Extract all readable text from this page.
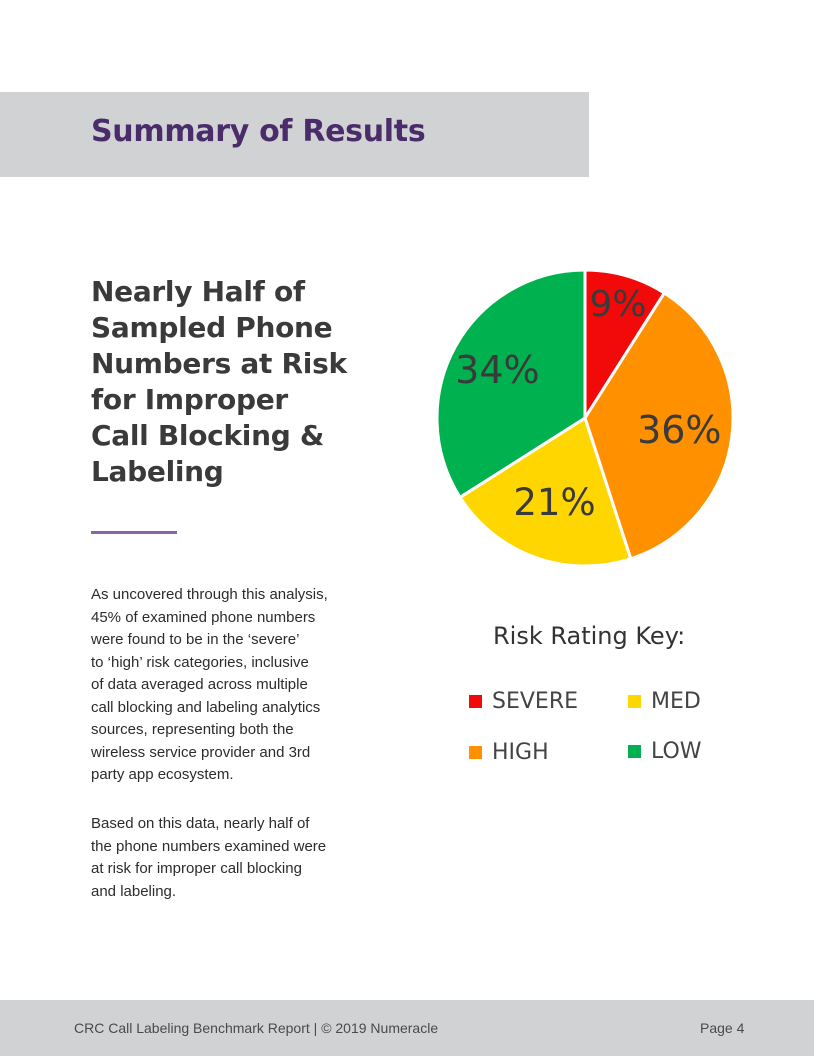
Summary of Results
Nearly Half of
Sampled Phone
Numbers at Risk
for Improper
Call Blocking &
Labeling
As uncovered through this analysis,
45% of examined phone numbers
were found to be in the ‘severe’
to ‘high’ risk categories, inclusive
of data averaged across multiple
call blocking and labeling analytics
sources, representing both the
wireless service provider and 3rd
party app ecosystem.
Based on this data, nearly half of
the phone numbers examined were
at risk for improper call blocking
and labeling.
9%
36%
21%
34%
Risk Rating Key:
SEVERE	MED
HIGH	LOW
CRC Call Labeling Benchmark Report | © 2019 Numeracle	Page 4
